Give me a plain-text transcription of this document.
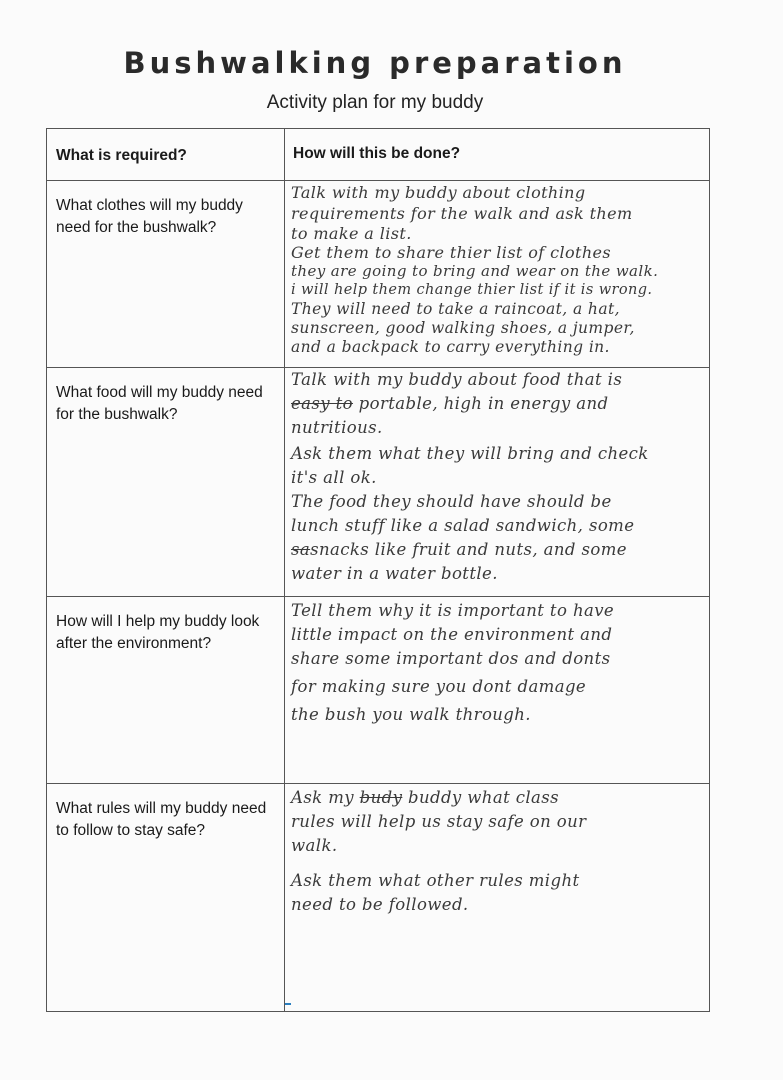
Bushwalking preparation
Activity plan for my buddy
What is required?	How will this be done?
What clothes will my buddy need for the bushwalk?
Talk with my buddy about clothing
requirements for the walk and ask them
to make a list.
Get them to share thier list of clothes
they are going to bring and wear on the walk.
i will help them change thier list if it is wrong.
They will need to take a raincoat, a hat,
sunscreen, good walking shoes, a jumper,
and a backpack to carry everything in.
What food will my buddy need for the bushwalk?
Talk with my buddy about food that is
easy to portable, high in energy and
nutritious.
Ask them what they will bring and check
it's all ok.
The food they should have should be
lunch stuff like a salad sandwich, some
sasnacks like fruit and nuts, and some
water in a water bottle.
How will I help my buddy look after the environment?
Tell them why it is important to have
little impact on the environment and
share some important dos and donts
for making sure you dont damage
the bush you walk through.
What rules will my buddy need to follow to stay safe?
Ask my budy buddy what class
rules will help us stay safe on our
walk.
Ask them what other rules might
need to be followed.
